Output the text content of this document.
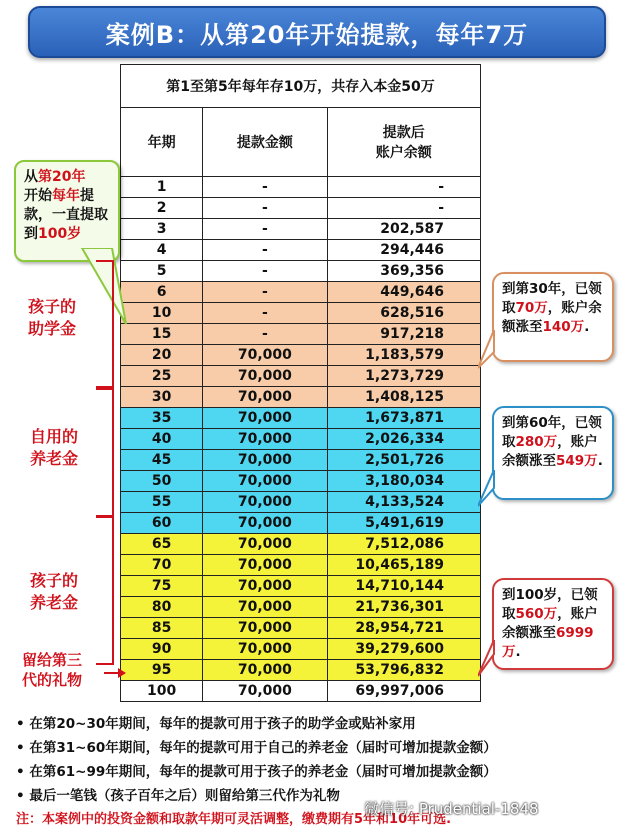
案例B：从第20年开始提款，每年7万
第1至第5年每年存10万，共存入本金50万		
年期	提款金额	提款后
账户余额

1	-	-
2	-	-
3	-	202,587
4	-	294,446
5	-	369,356
6	-	449,646
10	-	628,516
15	-	917,218
20	70,000	1,183,579
25	70,000	1,273,729
30	70,000	1,408,125
35	70,000	1,673,871
40	70,000	2,026,334
45	70,000	2,501,726
50	70,000	3,180,034
55	70,000	4,133,524
60	70,000	5,491,619
65	70,000	7,512,086
70	70,000	10,465,189
75	70,000	14,710,144
80	70,000	21,736,301
85	70,000	28,954,721
90	70,000	39,279,600
95	70,000	53,796,832
100	70,000	69,997,006
从第20年
开始每年提款，一直提取到100岁
孩子的
助学金
自用的
养老金
孩子的
养老金
留给第三
代的礼物
到第30年，已领取70万，账户余额涨至140万.
到第60年，已领取280万，账户余额涨至549万.
到100岁，已领取560万，账户余额涨至6999万.
• 在第20~30年期间，每年的提款可用于孩子的助学金或贴补家用
• 在第31~60年期间，每年的提款可用于自己的养老金（届时可增加提款金额）
• 在第61~99年期间，每年的提款可用于孩子的养老金（届时可增加提款金额）
• 最后一笔钱（孩子百年之后）则留给第三代作为礼物
注：本案例中的投资金额和取款年期可灵活调整，缴费期有5年和10年可选.
微信号: Prudential-1848
